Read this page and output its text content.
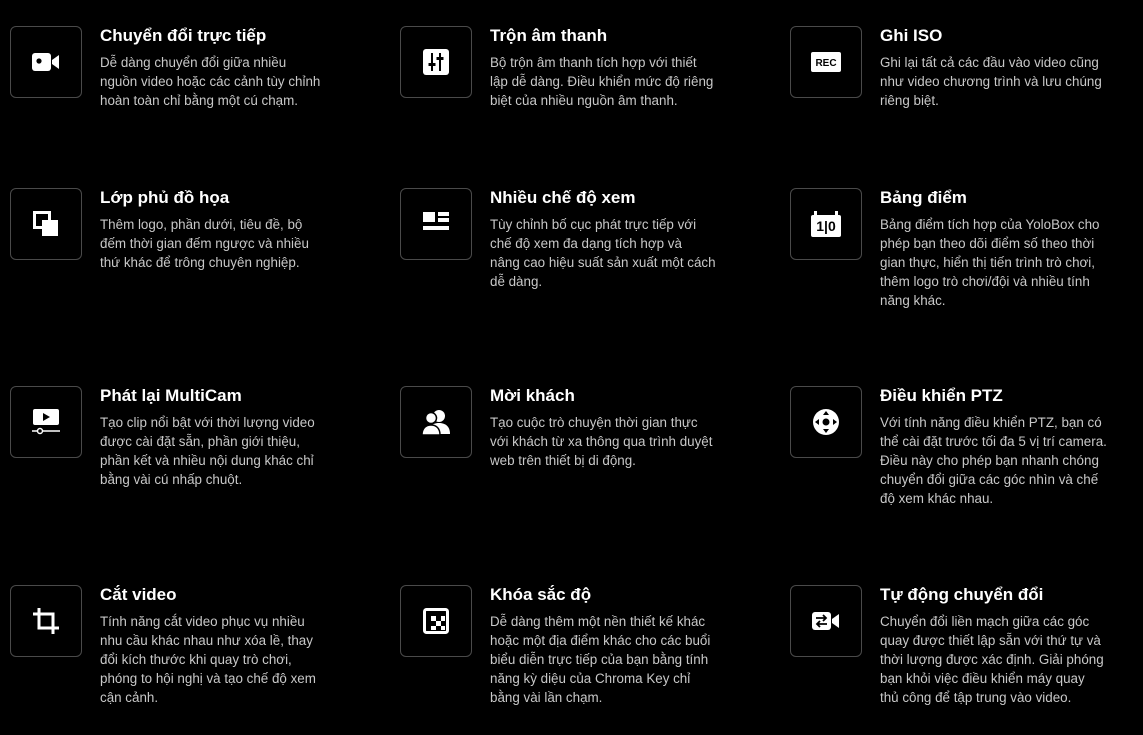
Chuyển đổi trực tiếp

Dễ dàng chuyển đổi giữa nhiều
nguồn video hoặc các cảnh tùy chỉnh
hoàn toàn chỉ bằng một cú chạm.

Trộn âm thanh

Bộ trộn âm thanh tích hợp với thiết
lập dễ dàng. Điều khiển mức độ riêng
biệt của nhiều nguồn âm thanh.

REC
Ghi ISO

Ghi lại tất cả các đầu vào video cũng
như video chương trình và lưu chúng
riêng biệt.

Lớp phủ đồ họa

Thêm logo, phần dưới, tiêu đề, bộ
đếm thời gian đếm ngược và nhiều
thứ khác để trông chuyên nghiệp.

Nhiều chế độ xem

Tùy chỉnh bố cục phát trực tiếp với
chế độ xem đa dạng tích hợp và
nâng cao hiệu suất sản xuất một cách
dễ dàng.

1|0
Bảng điểm

Bảng điểm tích hợp của YoloBox cho
phép bạn theo dõi điểm số theo thời
gian thực, hiển thị tiến trình trò chơi,
thêm logo trò chơi/đội và nhiều tính
năng khác.

Phát lại MultiCam

Tạo clip nổi bật với thời lượng video
được cài đặt sẵn, phần giới thiệu,
phần kết và nhiều nội dung khác chỉ
bằng vài cú nhấp chuột.

Mời khách

Tạo cuộc trò chuyện thời gian thực
với khách từ xa thông qua trình duyệt
web trên thiết bị di động.

Điều khiển PTZ

Với tính năng điều khiển PTZ, bạn có
thể cài đặt trước tối đa 5 vị trí camera.
Điều này cho phép bạn nhanh chóng
chuyển đổi giữa các góc nhìn và chế
độ xem khác nhau.

Cắt video

Tính năng cắt video phục vụ nhiều
nhu cầu khác nhau như xóa lề, thay
đổi kích thước khi quay trò chơi,
phóng to hội nghị và tạo chế độ xem
cận cảnh.

Khóa sắc độ

Dễ dàng thêm một nền thiết kế khác
hoặc một địa điểm khác cho các buổi
biểu diễn trực tiếp của bạn bằng tính
năng kỳ diệu của Chroma Key chỉ
bằng vài lần chạm.

Tự động chuyển đổi

Chuyển đổi liền mạch giữa các góc
quay được thiết lập sẵn với thứ tự và
thời lượng được xác định. Giải phóng
bạn khỏi việc điều khiển máy quay
thủ công để tập trung vào video.
